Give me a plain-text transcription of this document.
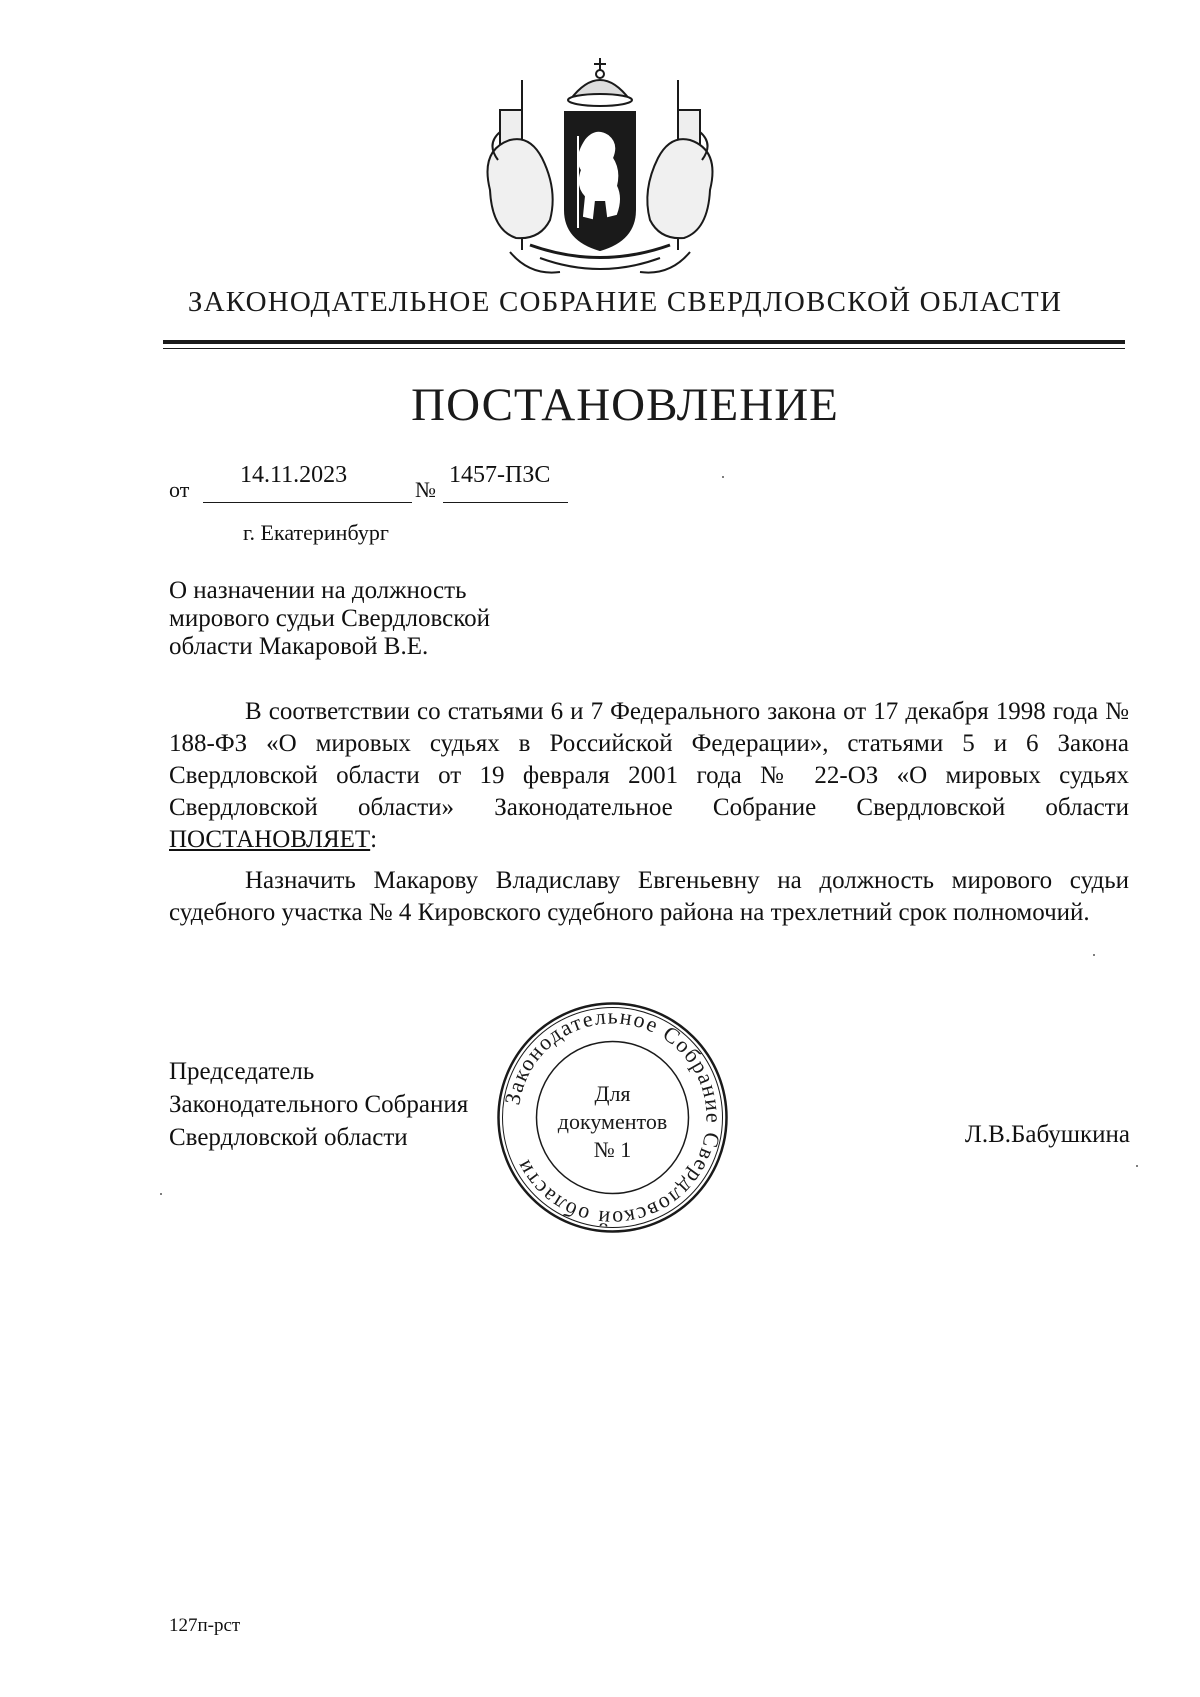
ЗАКОНОДАТЕЛЬНОЕ СОБРАНИЕ СВЕРДЛОВСКОЙ ОБЛАСТИ
ПОСТАНОВЛЕНИЕ
от
14.11.2023
№
1457-ПЗС
г. Екатеринбург
О назначении на должность
мирового судьи Свердловской
области Макаровой В.Е.

В соответствии со статьями 6 и 7 Федерального закона от 17 декабря 1998 года № 188-ФЗ «О мировых судьях в Российской Федерации», статьями 5 и 6 Закона Свердловской области от 19 февраля 2001 года № 22-ОЗ «О мировых судьях Свердловской области» Законодательное Собрание Свердловской области ПОСТАНОВЛЯЕТ:

Назначить Макарову Владиславу Евгеньевну на должность мирового судьи судебного участка № 4 Кировского судебного района на трехлетний срок полномочий.

Председатель
Законодательного Собрания
Свердловской области	Л.В.Бабушкина
Законодательное Собрание Свердловской области
Для
документов
№ 1
127п-рст
